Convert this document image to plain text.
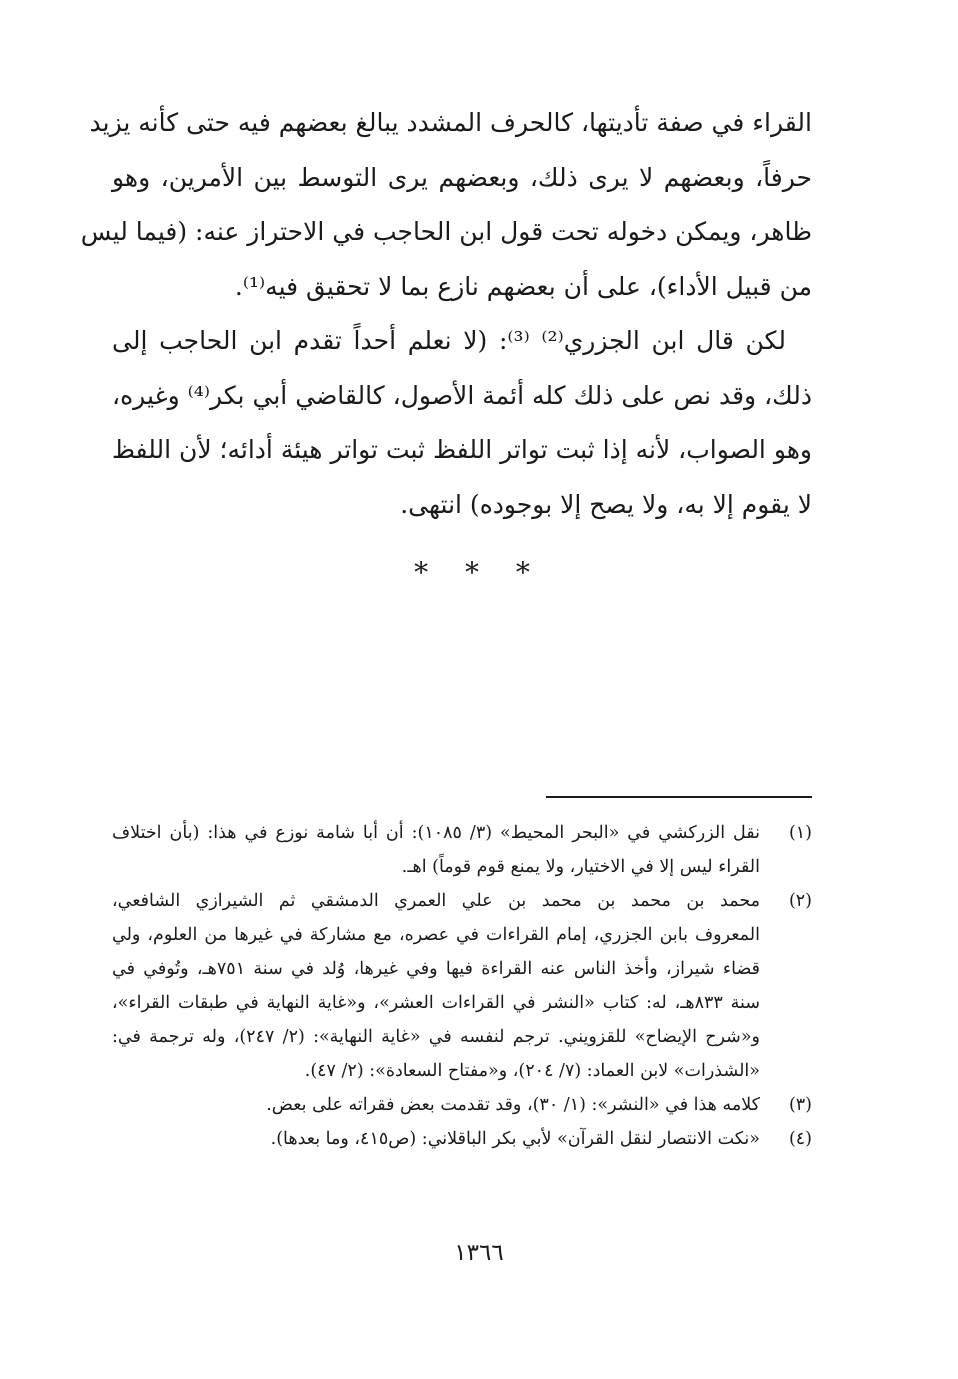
القراء في صفة تأديتها، كالحرف المشدد يبالغ بعضهم فيه حتى كأنه يزيد
حرفاً، وبعضهم لا يرى ذلك، وبعضهم يرى التوسط بين الأمرين، وهو
ظاهر، ويمكن دخوله تحت قول ابن الحاجب في الاحتراز عنه: (فيما ليس
من قبيل الأداء)، على أن بعضهم نازع بما لا تحقيق فيه⁽¹⁾.
لكن قال ابن الجزري⁽²⁾ ⁽³⁾: (لا نعلم أحداً تقدم ابن الحاجب إلى
ذلك، وقد نص على ذلك كله أئمة الأصول، كالقاضي أبي بكر⁽⁴⁾ وغيره،
وهو الصواب، لأنه إذا ثبت تواتر اللفظ ثبت تواتر هيئة أدائه؛ لأن اللفظ
لا يقوم إلا به، ولا يصح إلا بوجوده) انتهى.
* * *
(١)
نقل الزركشي في «البحر المحيط» (٣/ ١٠٨٥): أن أبا شامة نوزع في هذا: (بأن اختلاف
القراء ليس إلا في الاختيار، ولا يمنع قوم قوماً) اهـ.
(٢)
محمد بن محمد بن محمد بن علي العمري الدمشقي ثم الشيرازي الشافعي،
المعروف بابن الجزري، إمام القراءات في عصره، مع مشاركة في غيرها من العلوم، ولي
قضاء شيراز، وأخذ الناس عنه القراءة فيها وفي غيرها، وُلد في سنة ٧٥١هـ، وتُوفي في
سنة ٨٣٣هـ، له: كتاب «النشر في القراءات العشر»، و«غاية النهاية في طبقات القراء»،
و«شرح الإيضاح» للقزويني. ترجم لنفسه في «غاية النهاية»: (٢/ ٢٤٧)، وله ترجمة في:
«الشذرات» لابن العماد: (٧/ ٢٠٤)، و«مفتاح السعادة»: (٢/ ٤٧).
(٣)
كلامه هذا في «النشر»: (١/ ٣٠)، وقد تقدمت بعض فقراته على بعض.
(٤)
«نكت الانتصار لنقل القرآن» لأبي بكر الباقلاني: (ص٤١٥، وما بعدها).
١٣٦٦
